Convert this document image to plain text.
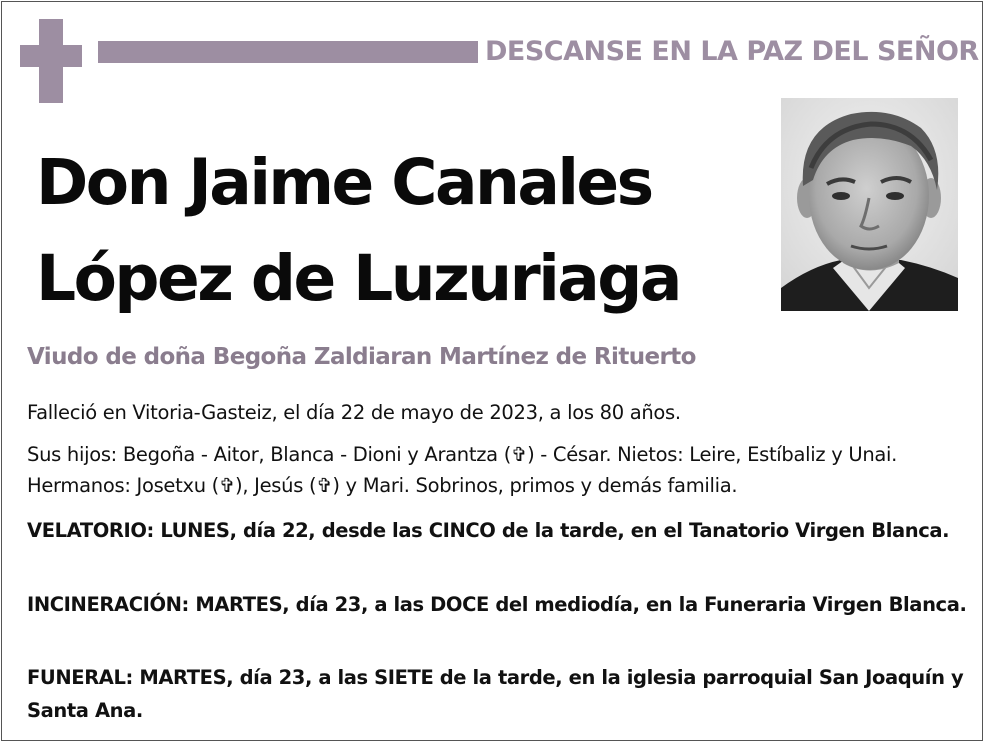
DESCANSE EN LA PAZ DEL SEÑOR
Don Jaime Canales
López de Luzuriaga
Viudo de doña Begoña Zaldiaran Martínez de Rituerto
Falleció en Vitoria-Gasteiz, el día 22 de mayo de 2023, a los 80 años.
Sus hijos: Begoña - Aitor, Blanca - Dioni y Arantza (✞) - César. Nietos: Leire, Estíbaliz y Unai. Hermanos: Josetxu (✞), Jesús (✞) y Mari. Sobrinos, primos y demás familia.
VELATORIO: LUNES, día 22, desde las CINCO de la tarde, en el Tanatorio Virgen Blanca.
INCINERACIÓN: MARTES, día 23, a las DOCE del mediodía, en la Funeraria Virgen Blanca.
FUNERAL: MARTES, día 23, a las SIETE de la tarde, en la iglesia parroquial San Joaquín y Santa Ana.
